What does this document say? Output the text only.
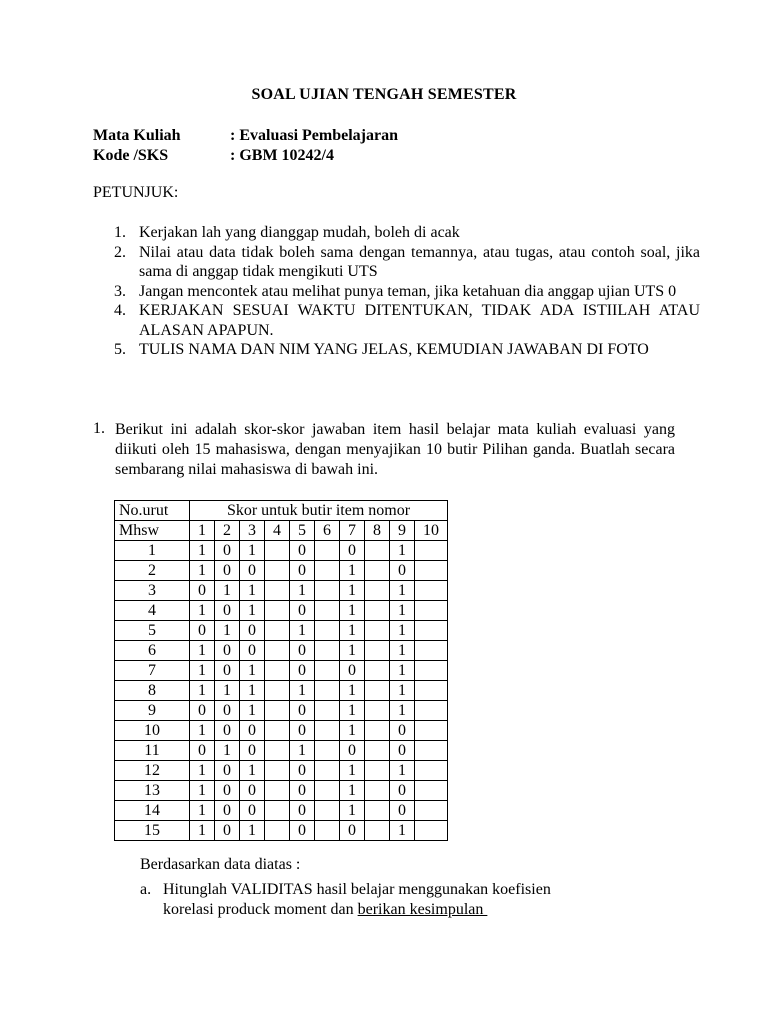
SOAL UJIAN TENGAH SEMESTER
Mata Kuliah	: Evaluasi Pembelajaran
Kode /SKS	: GBM 10242/4
PETUNJUK:
1. Kerjakan lah yang dianggap mudah, boleh di acak
2. Nilai atau data tidak boleh sama dengan temannya, atau tugas, atau contoh soal, jika sama di anggap tidak mengikuti UTS
3. Jangan mencontek atau melihat punya teman, jika ketahuan dia anggap ujian UTS 0
4. KERJAKAN SESUAI WAKTU DITENTUKAN, TIDAK ADA ISTIILAH ATAU ALASAN APAPUN.
5. TULIS NAMA DAN NIM YANG JELAS, KEMUDIAN JAWABAN DI FOTO
1. Berikut ini adalah skor-skor jawaban item hasil belajar mata kuliah evaluasi yang diikuti oleh 15 mahasiswa, dengan menyajikan 10 butir Pilihan ganda. Buatlah secara sembarang nilai mahasiswa di bawah ini.
No.urut	Skor untuk butir item nomor									
Mhsw	1	2	3	4	5	6	7	8	9	10
1	1	0	1		0		0		1	
2	1	0	0		0		1		0	
3	0	1	1		1		1		1	
4	1	0	1		0		1		1	
5	0	1	0		1		1		1	
6	1	0	0		0		1		1	
7	1	0	1		0		0		1	
8	1	1	1		1		1		1	
9	0	0	1		0		1		1	
10	1	0	0		0		1		0	
11	0	1	0		1		0		0	
12	1	0	1		0		1		1	
13	1	0	0		0		1		0	
14	1	0	0		0		1		0	
15	1	0	1		0		0		1	
Berdasarkan data diatas :
a. Hitunglah VALIDITAS hasil belajar menggunakan koefisien
korelasi produck moment dan berikan kesimpulan
